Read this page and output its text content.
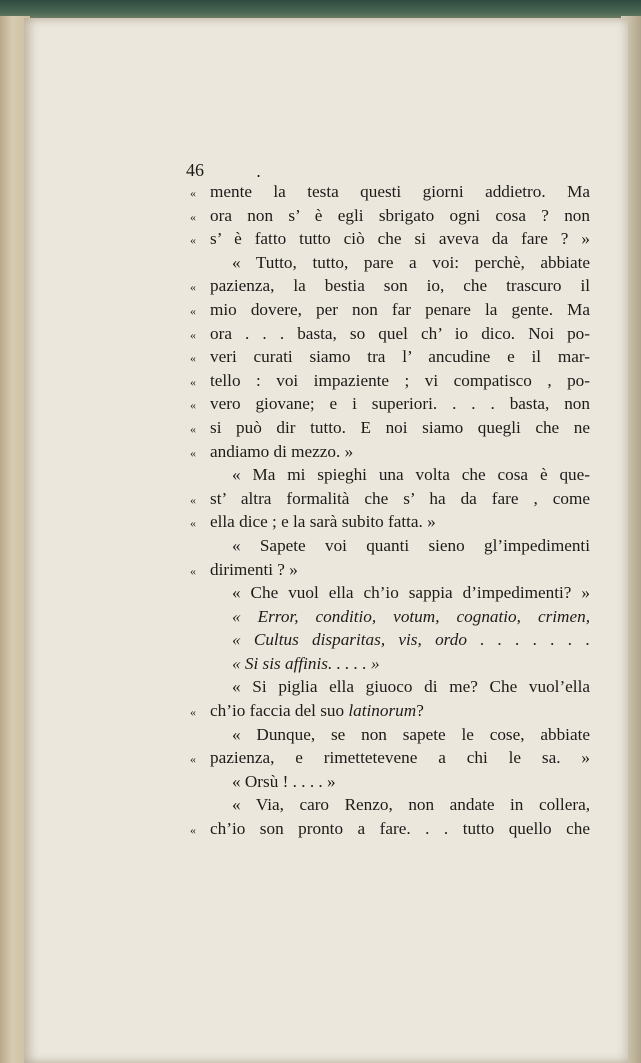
46	.
« mente la testa questi giorni addietro. Ma
« ora non s’ è egli sbrigato ogni cosa ? non
« s’ è fatto tutto ciò che si aveva da fare ? »
« Tutto, tutto, pare a voi: perchè, abbiate
« pazienza, la bestia son io, che trascuro il
« mio dovere, per non far penare la gente. Ma
« ora . . . basta, so quel ch’ io dico. Noi po-
« veri curati siamo tra l’ ancudine e il mar-
« tello : voi impaziente ; vi compatisco , po-
« vero giovane; e i superiori. . . . basta, non
« si può dir tutto. E noi siamo quegli che ne
« andiamo di mezzo. »
« Ma mi spieghi una volta che cosa è que-
« st’ altra formalità che s’ ha da fare , come
« ella dice ; e la sarà subito fatta. »
« Sapete voi quanti sieno gl’impedimenti
« dirimenti ? »
« Che vuol ella ch’io sappia d’impedimenti? »
« Error, conditio, votum, cognatio, crimen,
« Cultus disparitas, vis, ordo . . . . . . .
« Si sis affinis. . . . . »
« Si piglia ella giuoco di me? Che vuol’ella
« ch’io faccia del suo latinorum?
« Dunque, se non sapete le cose, abbiate
« pazienza, e rimettetevene a chi le sa. »
« Orsù ! . . . . »
« Via, caro Renzo, non andate in collera,
« ch’io son pronto a fare. . . tutto quello che
